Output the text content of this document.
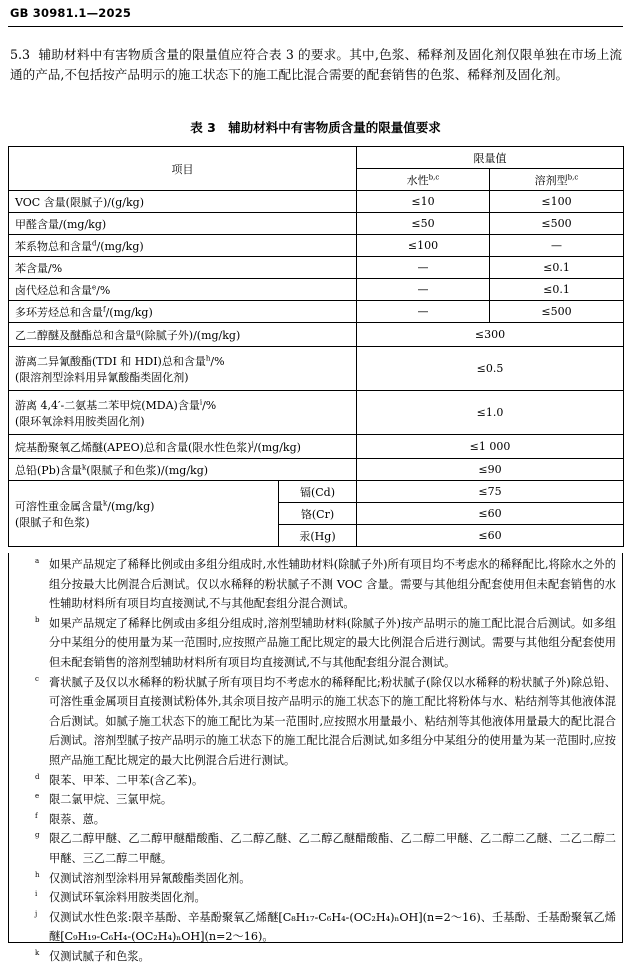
GB 30981.1—2025
5.3 辅助材料中有害物质含量的限量值应符合表 3 的要求。其中,色浆、稀释剂及固化剂仅限单独在市场上流通的产品,不包括按产品明示的施工状态下的施工配比混合需要的配套销售的色浆、稀释剂及固化剂。
表 3　辅助材料中有害物质含量的限量值要求
项目		限量值	
		水性$^{b,c}$	溶剂型$^{b,c}$
VOC 含量(限腻子)/(g/kg)		≤10	≤100
甲醛含量/(mg/kg)		≤50	≤500
苯系物总和含量$^d$/(mg/kg)		≤100	—
苯含量/%		—	≤0.1
卤代烃总和含量$^e$/%		—	≤0.1
多环芳烃总和含量$^f$/(mg/kg)		—	≤500
乙二醇醚及醚酯总和含量$^g$(除腻子外)/(mg/kg)		≤300	
游离二异氰酸酯(TDI 和 HDI)总和含量$^h$/%
(限溶剂型涂料用异氰酸酯类固化剂)		≤0.5	
游离 4,4′-二氨基二苯甲烷(MDA)含量$^i$/%
(限环氧涂料用胺类固化剂)		≤1.0	
烷基酚聚氧乙烯醚(APEO)总和含量(限水性色浆)$^j$/(mg/kg)		≤1 000	
总铅(Pb)含量$^k$(限腻子和色浆)/(mg/kg)		≤90	
可溶性重金属含量$^k$/(mg/kg)
(限腻子和色浆)	镉(Cd)	≤75	
	铬(Cr)	≤60	
	汞(Hg)	≤60	
a 如果产品规定了稀释比例或由多组分组成时,水性辅助材料(除腻子外)所有项目均不考虑水的稀释配比,将除水之外的组分按最大比例混合后测试。仅以水稀释的粉状腻子不测 VOC 含量。需要与其他组分配套使用但未配套销售的水性辅助材料所有项目均直接测试,不与其他配套组分混合测试。
b 如果产品规定了稀释比例或由多组分组成时,溶剂型辅助材料(除腻子外)按产品明示的施工配比混合后测试。如多组分中某组分的使用量为某一范围时,应按照产品施工配比规定的最大比例混合后进行测试。需要与其他组分配套使用但未配套销售的溶剂型辅助材料所有项目均直接测试,不与其他配套组分混合测试。
c 膏状腻子及仅以水稀释的粉状腻子所有项目均不考虑水的稀释配比;粉状腻子(除仅以水稀释的粉状腻子外)除总铅、可溶性重金属项目直接测试粉体外,其余项目按产品明示的施工状态下的施工配比将粉体与水、粘结剂等其他液体混合后测试。如腻子施工状态下的施工配比为某一范围时,应按照水用量最小、粘结剂等其他液体用量最大的配比混合后测试。溶剂型腻子按产品明示的施工状态下的施工配比混合后测试,如多组分中某组分的使用量为某一范围时,应按照产品施工配比规定的最大比例混合后进行测试。
d 限苯、甲苯、二甲苯(含乙苯)。
e 限二氯甲烷、三氯甲烷。
f	限萘、蒽。
g 限乙二醇甲醚、乙二醇甲醚醋酸酯、乙二醇乙醚、乙二醇乙醚醋酸酯、乙二醇二甲醚、乙二醇二乙醚、二乙二醇二甲醚、三乙二醇二甲醚。
h 仅测试溶剂型涂料用异氰酸酯类固化剂。
i	仅测试环氧涂料用胺类固化剂。
j	仅测试水性色浆:限辛基酚、辛基酚聚氧乙烯醚[C₈H₁₇-C₆H₄-(OC₂H₄)ₙOH](n=2～16)、壬基酚、壬基酚聚氧乙烯醚[C₉H₁₉-C₆H₄-(OC₂H₄)ₙOH](n=2～16)。
k 仅测试腻子和色浆。
